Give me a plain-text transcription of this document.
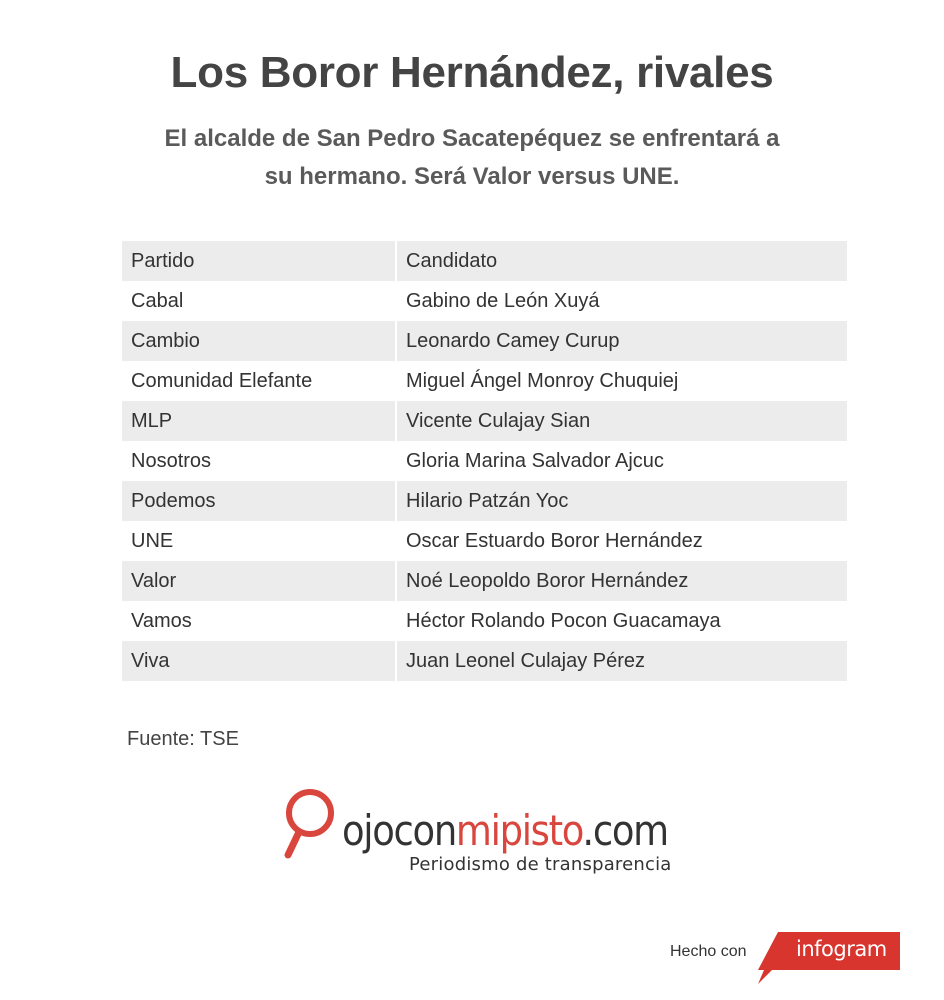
Los Boror Hernández, rivales

El alcalde de San Pedro Sacatepéquez se enfrentará a su hermano. Será Valor versus UNE.

Partido	Candidato
Cabal	Gabino de León Xuyá
Cambio	Leonardo Camey Curup
Comunidad Elefante	Miguel Ángel Monroy Chuquiej
MLP	Vicente Culajay Sian
Nosotros	Gloria Marina Salvador Ajcuc
Podemos	Hilario Patzán Yoc
UNE	Oscar Estuardo Boror Hernández
Valor	Noé Leopoldo Boror Hernández
Vamos	Héctor Rolando Pocon Guacamaya
Viva	Juan Leonel Culajay Pérez
Fuente: TSE
ojoconmipisto.com
Periodismo de transparencia
Hecho con infogram
